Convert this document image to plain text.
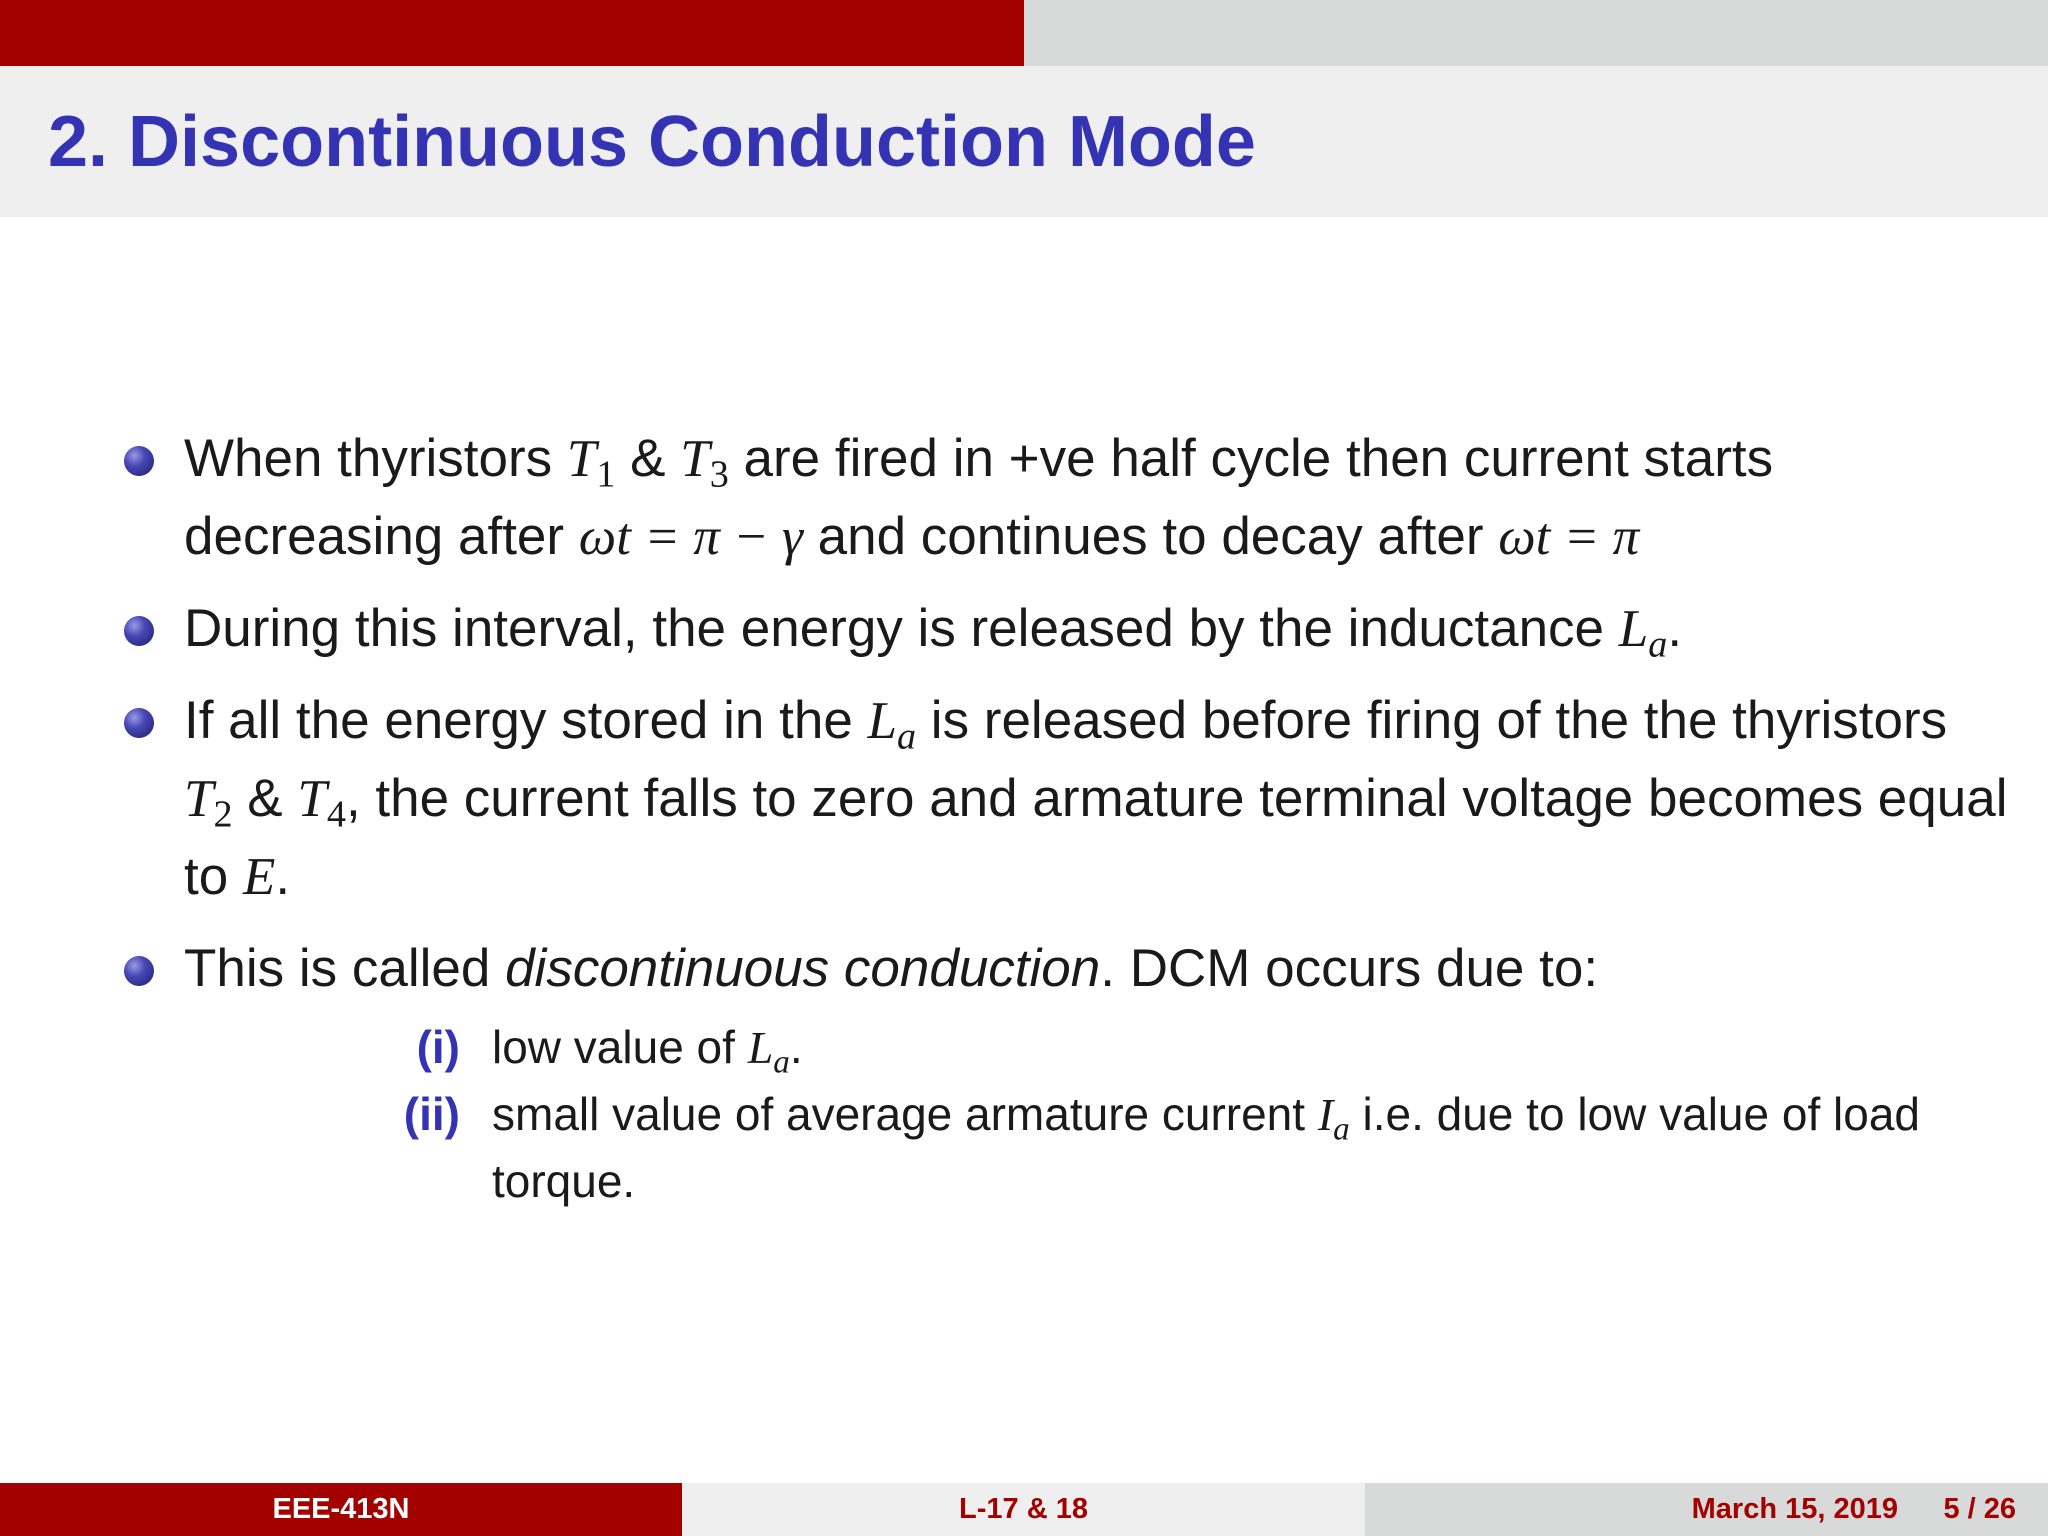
2. Discontinuous Conduction Mode
When thyristors $T_1$ & $T_3$ are fired in +ve half cycle then current starts decreasing after ωt = π − γ and continues to decay after ωt = π
During this interval, the energy is released by the inductance $L_a$.
If all the energy stored in the $L_a$ is released before firing of the the thyristors $T_2$ & $T_4$, the current falls to zero and armature terminal voltage becomes equal to E.
This is called discontinuous conduction. DCM occurs due to:
(i) low value of $L_a$.
(ii) small value of average armature current $I_a$ i.e. due to low value of load torque.
EEE-413N	L-17 & 18	March 15, 2019 5 / 26
